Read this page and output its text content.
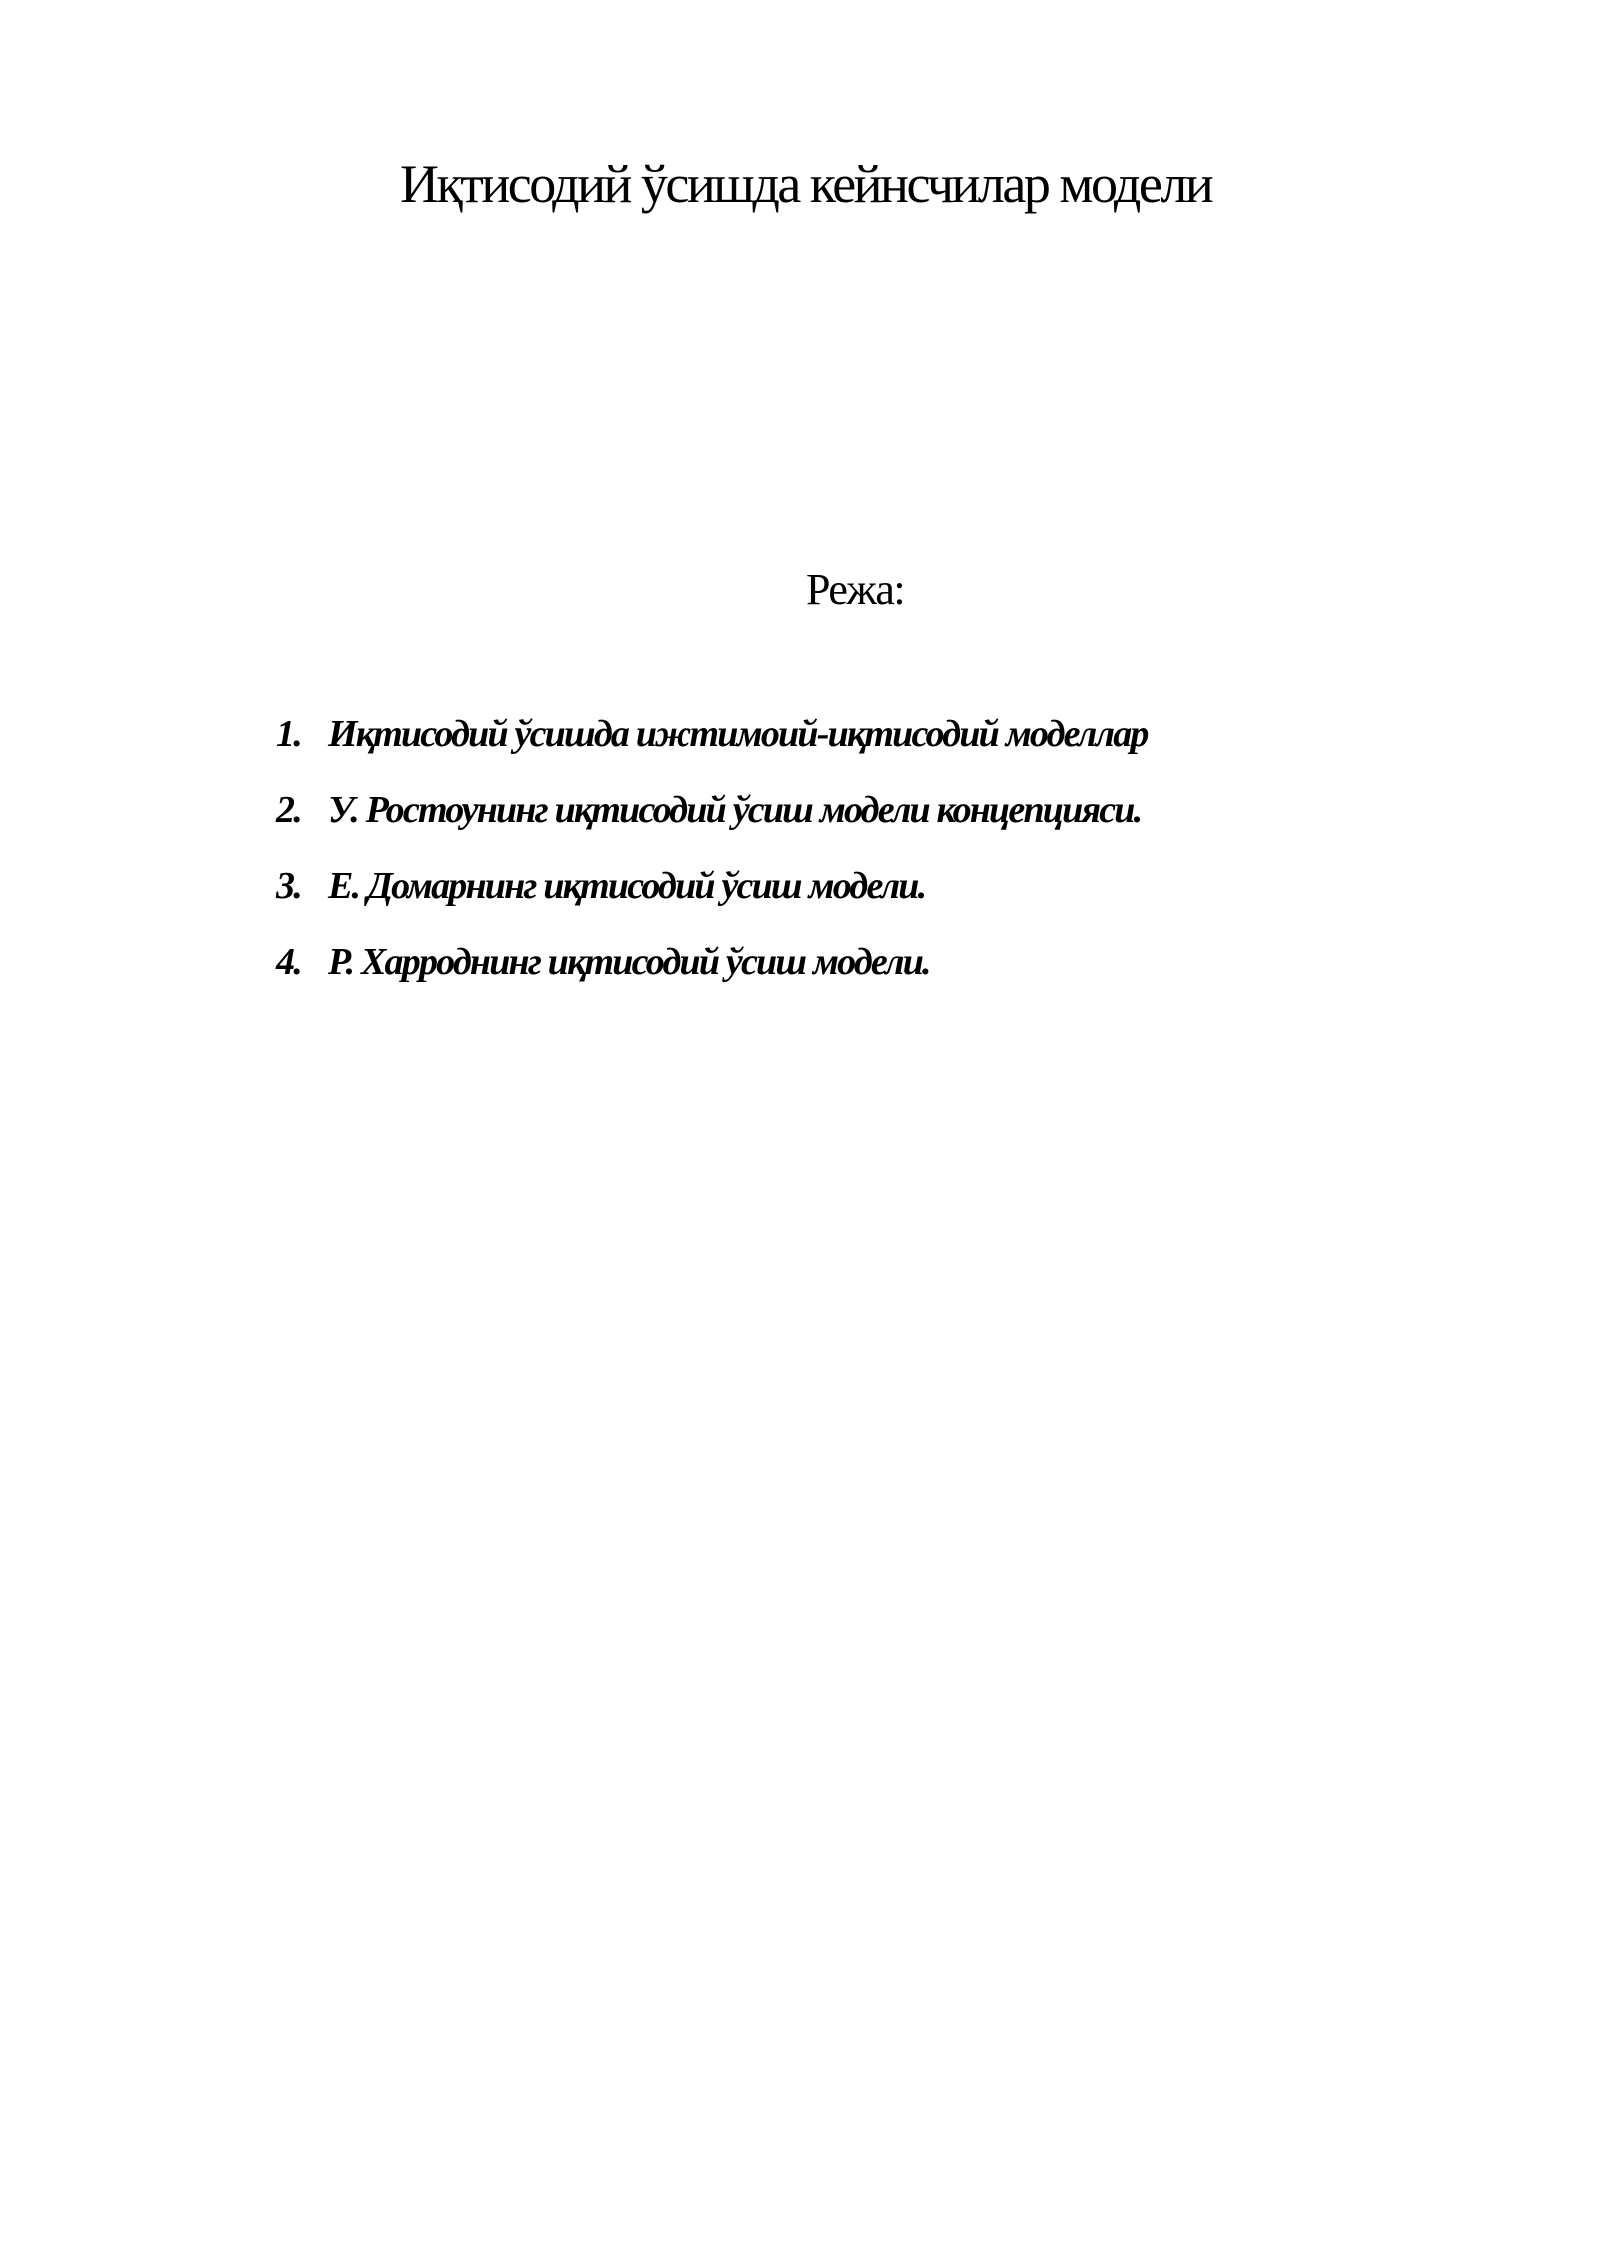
Иқтисодий ўсишда кейнсчилар модели
Режа:
1. Иқтисодий ўсишда ижтимоий-иқтисодий моделлар
2. У. Ростоунинг иқтисодий ўсиш модели концепцияси.
3. Е. Домарнинг иқтисодий ўсиш модели.
4. Р. Харроднинг иқтисодий ўсиш модели.
